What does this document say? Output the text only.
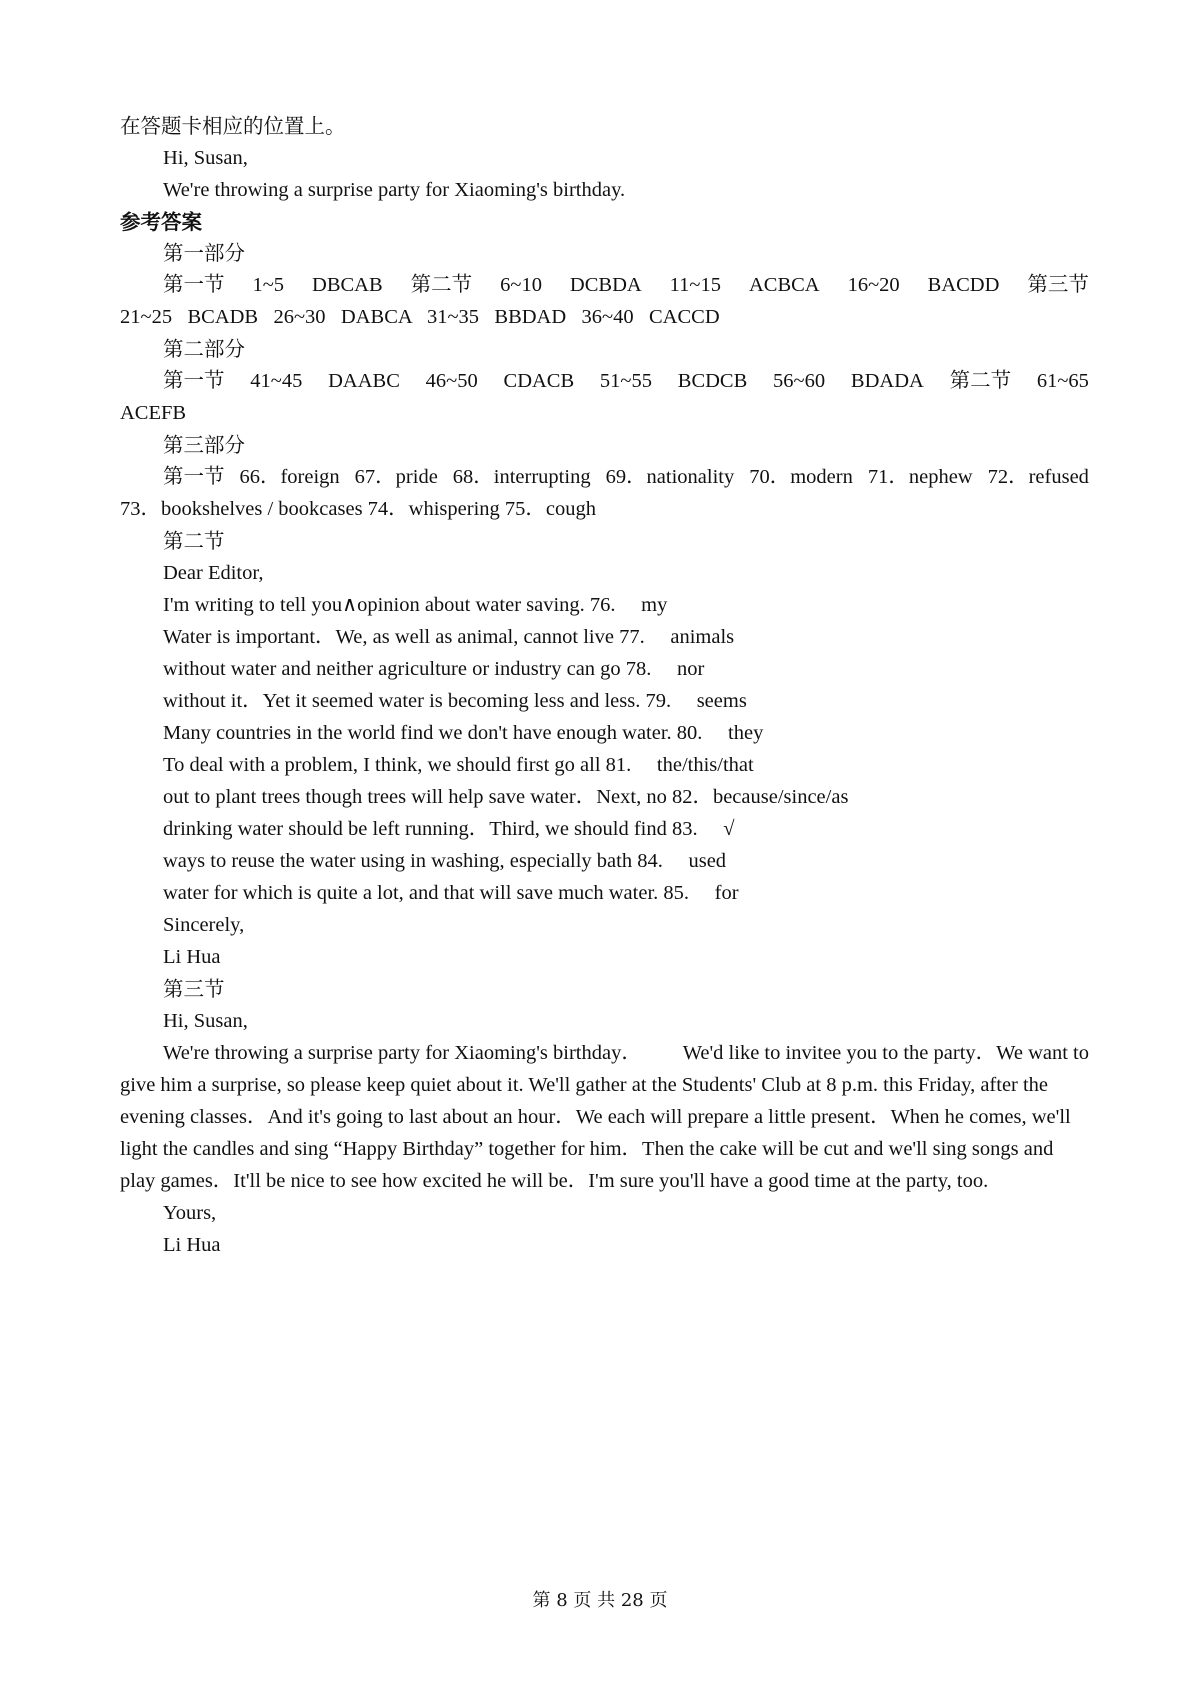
在答题卡相应的位置上。
Hi, Susan,
We're throwing a surprise party for Xiaoming's birthday.
参考答案
第一部分
第一节 1~5 DBCAB 第二节 6~10 DCBDA 11~15 ACBCA 16~20 BACDD 第三节
21~25   BCADB   26~30   DABCA   31~35   BBDAD   36~40   CACCD
第二部分
第一节 41~45 DAABC 46~50 CDACB 51~55 BCDCB 56~60 BDADA 第二节 61~65
ACEFB
第三部分
第一节 66．foreign 67．pride 68．interrupting 69．nationality 70．modern 71．nephew 72．refused
73．bookshelves / bookcases 74．whispering 75．cough
第二节
Dear Editor,
I'm writing to tell you∧opinion about water saving. 76.     my
Water is important．We, as well as animal, cannot live 77.     animals
without water and neither agriculture or industry can go 78.     nor
without it．Yet it seemed water is becoming less and less. 79.     seems
Many countries in the world find we don't have enough water. 80.     they
To deal with a problem, I think, we should first go all 81.     the/this/that
out to plant trees though trees will help save water．Next, no 82．because/since/as
drinking water should be left running．Third, we should find 83.     √
ways to reuse the water using in washing, especially bath 84.     used
water for which is quite a lot, and that will save much water. 85.     for
Sincerely,
Li Hua
第三节
Hi, Susan,
We're throwing a surprise party for Xiaoming's birthday． We'd like to invitee you to the party．We want to
give him a surprise, so please keep quiet about it. We'll gather at the Students' Club at 8 p.m. this Friday, after the
evening classes．And it's going to last about an hour．We each will prepare a little present．When he comes, we'll
light the candles and sing “Happy Birthday” together for him．Then the cake will be cut and we'll sing songs and
play games．It'll be nice to see how excited he will be．I'm sure you'll have a good time at the party, too.
Yours,
Li Hua
第 8 页 共 28 页
